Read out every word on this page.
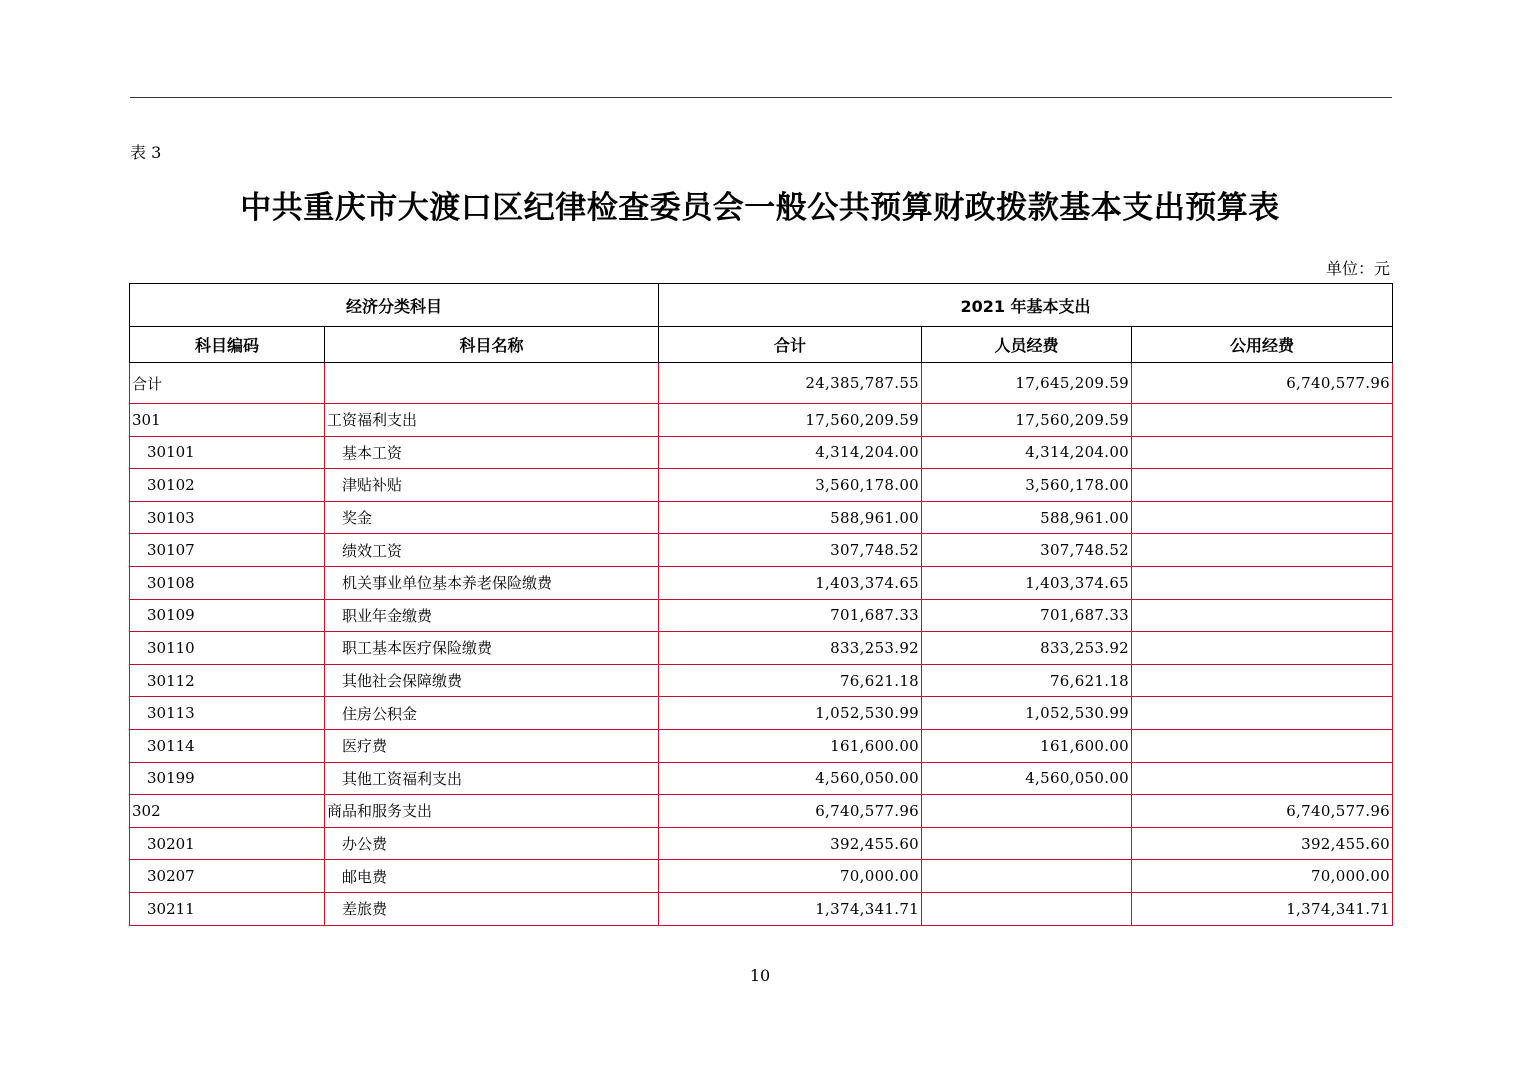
表 3
中共重庆市大渡口区纪律检查委员会一般公共预算财政拨款基本支出预算表
单位：元
经济分类科目		2021 年基本支出		
科目编码	科目名称	合计	人员经费	公用经费
合计		24,385,787.55	17,645,209.59	6,740,577.96
301	工资福利支出	17,560,209.59	17,560,209.59	
30101	基本工资	4,314,204.00	4,314,204.00	
30102	津贴补贴	3,560,178.00	3,560,178.00	
30103	奖金	588,961.00	588,961.00	
30107	绩效工资	307,748.52	307,748.52	
30108	机关事业单位基本养老保险缴费	1,403,374.65	1,403,374.65	
30109	职业年金缴费	701,687.33	701,687.33	
30110	职工基本医疗保险缴费	833,253.92	833,253.92	
30112	其他社会保障缴费	76,621.18	76,621.18	
30113	住房公积金	1,052,530.99	1,052,530.99	
30114	医疗费	161,600.00	161,600.00	
30199	其他工资福利支出	4,560,050.00	4,560,050.00	
302	商品和服务支出	6,740,577.96		6,740,577.96
30201	办公费	392,455.60		392,455.60
30207	邮电费	70,000.00		70,000.00
30211	差旅费	1,374,341.71		1,374,341.71
10
